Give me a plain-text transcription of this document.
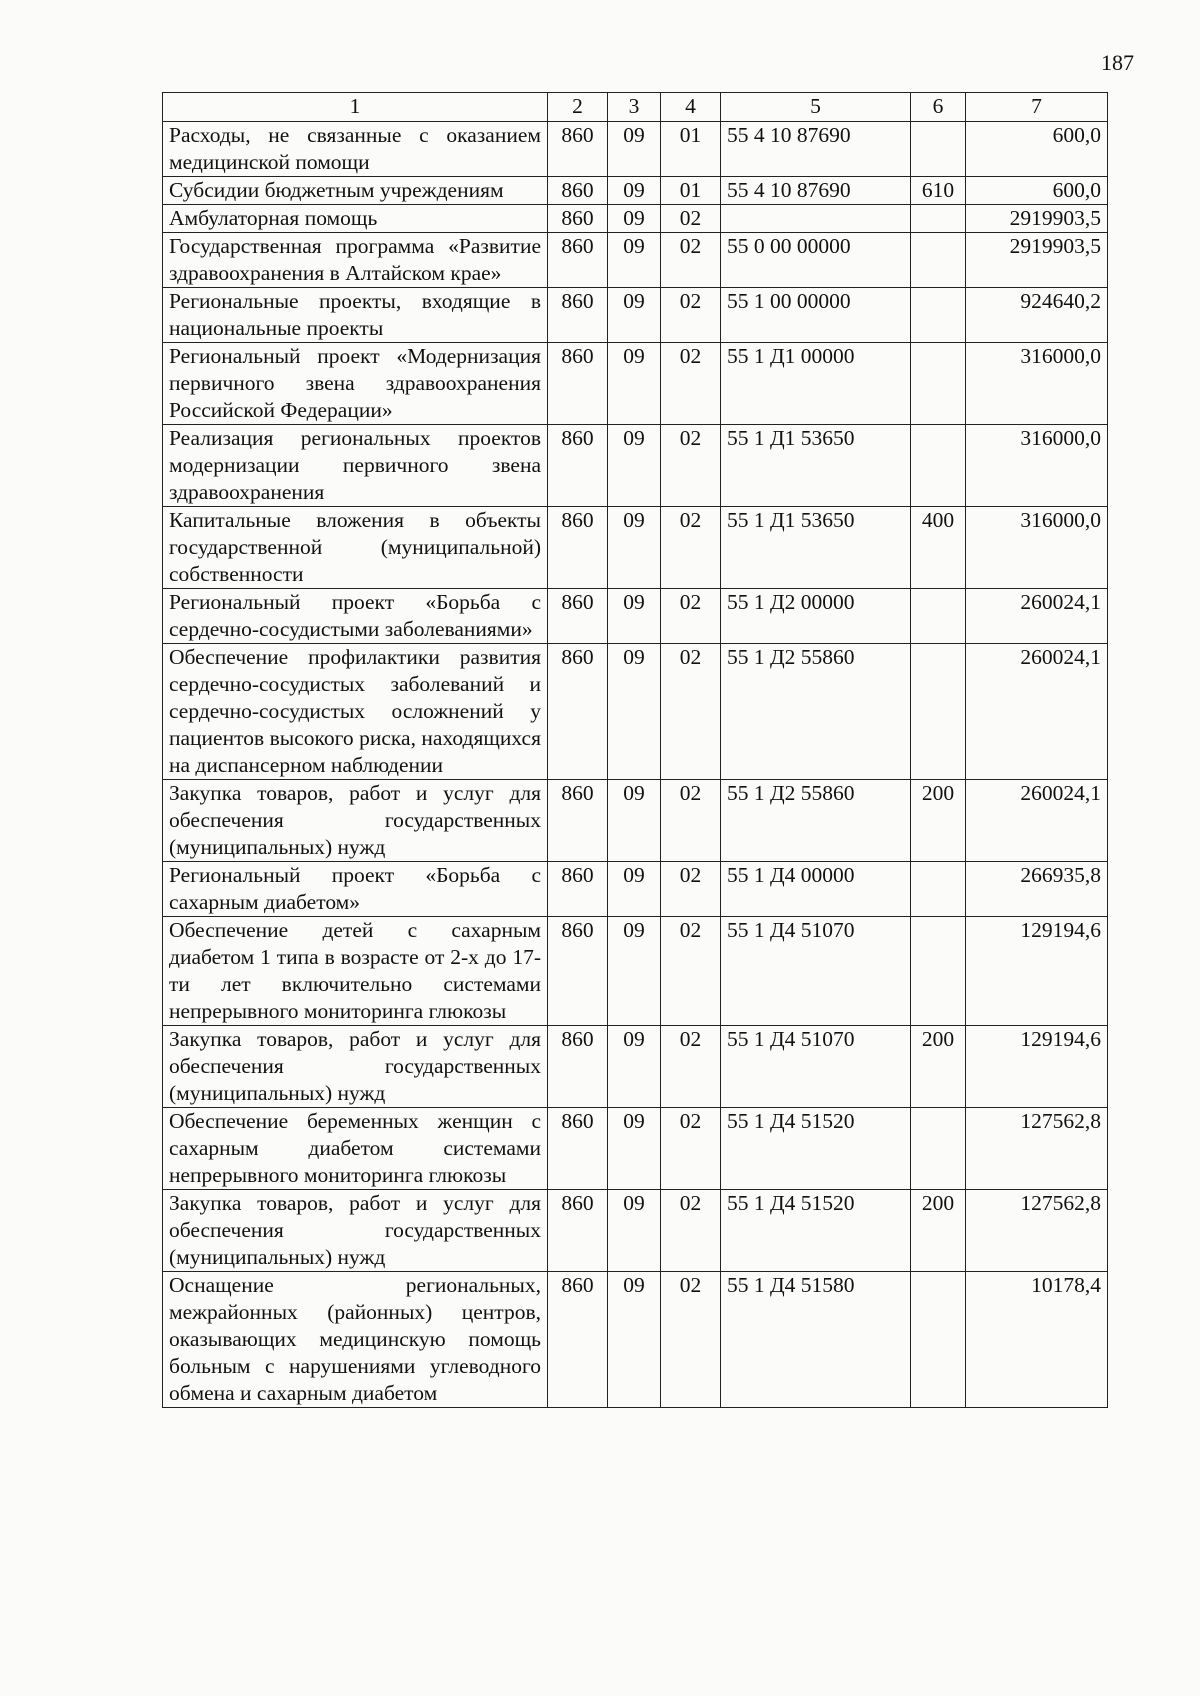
187
1	2	3	4	5	6	7
Расходы, не связанные с оказанием медицинской помощи	860	09	01	55 4 10 87690		600,0
Субсидии бюджетным учреждениям	860	09	01	55 4 10 87690	610	600,0
Амбулаторная помощь	860	09	02			2919903,5
Государственная программа «Развитие здравоохранения в Алтайском крае»	860	09	02	55 0 00 00000		2919903,5
Региональные проекты, входящие в национальные проекты	860	09	02	55 1 00 00000		924640,2
Региональный проект «Модернизация первичного звена здравоохранения Российской Федерации»	860	09	02	55 1 Д1 00000		316000,0
Реализация региональных проектов модернизации первичного звена здравоохранения	860	09	02	55 1 Д1 53650		316000,0
Капитальные вложения в объекты государственной (муниципальной) собственности	860	09	02	55 1 Д1 53650	400	316000,0
Региональный проект «Борьба с сердечно-сосудистыми заболеваниями»	860	09	02	55 1 Д2 00000		260024,1
Обеспечение профилактики развития сердечно-сосудистых заболеваний и сердечно-сосудистых осложнений у пациентов высокого риска, находящихся на диспансерном наблюдении	860	09	02	55 1 Д2 55860		260024,1
Закупка товаров, работ и услуг для обеспечения государственных (муниципальных) нужд	860	09	02	55 1 Д2 55860	200	260024,1
Региональный проект «Борьба с сахарным диабетом»	860	09	02	55 1 Д4 00000		266935,8
Обеспечение детей с сахарным диабетом 1 типа в возрасте от 2-х до 17-ти лет включительно системами непрерывного мониторинга глюкозы	860	09	02	55 1 Д4 51070		129194,6
Закупка товаров, работ и услуг для обеспечения государственных (муниципальных) нужд	860	09	02	55 1 Д4 51070	200	129194,6
Обеспечение беременных женщин с сахарным диабетом системами непрерывного мониторинга глюкозы	860	09	02	55 1 Д4 51520		127562,8
Закупка товаров, работ и услуг для обеспечения государственных (муниципальных) нужд	860	09	02	55 1 Д4 51520	200	127562,8
Оснащение региональных, межрайонных (районных) центров, оказывающих медицинскую помощь больным с нарушениями углеводного обмена и сахарным диабетом	860	09	02	55 1 Д4 51580		10178,4
